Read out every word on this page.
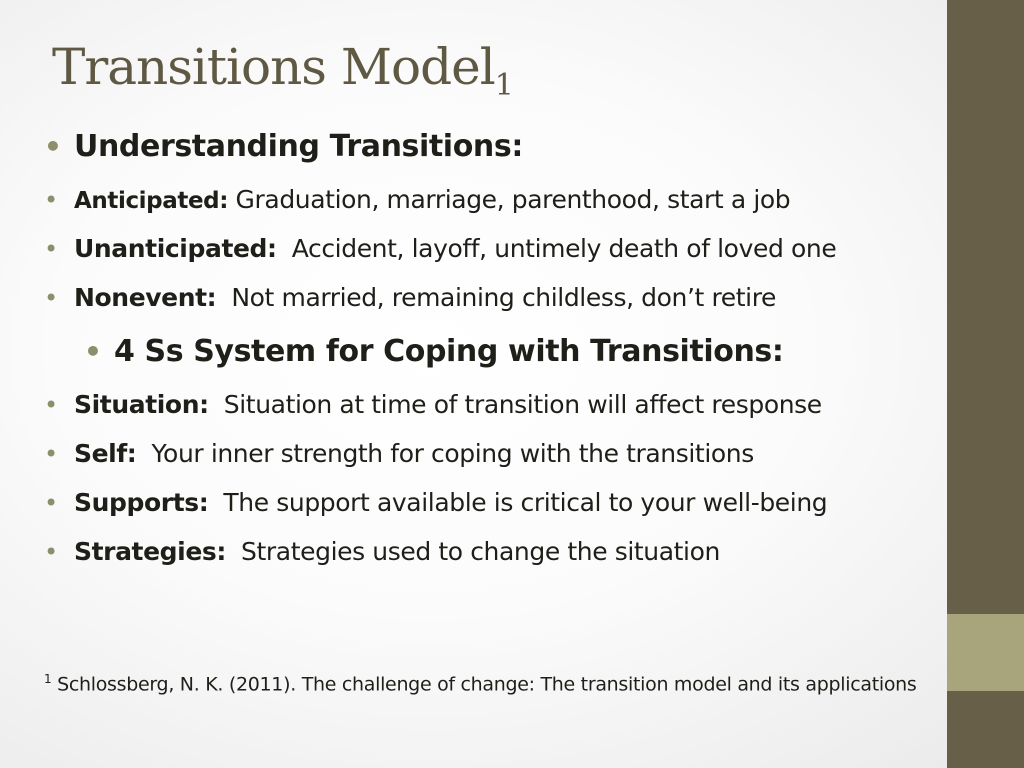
Transitions Model$_1$
• Understanding Transitions:
• Anticipated: Graduation, marriage, parenthood, start a job
• Unanticipated: Accident, layoff, untimely death of loved one
• Nonevent: Not married, remaining childless, don’t retire
• 4 Ss System for Coping with Transitions:
• Situation: Situation at time of transition will affect response
• Self: Your inner strength for coping with the transitions
• Supports: The support available is critical to your well-being
• Strategies: Strategies used to change the situation
$^1$ Schlossberg, N. K. (2011). The challenge of change: The transition model and its applications
